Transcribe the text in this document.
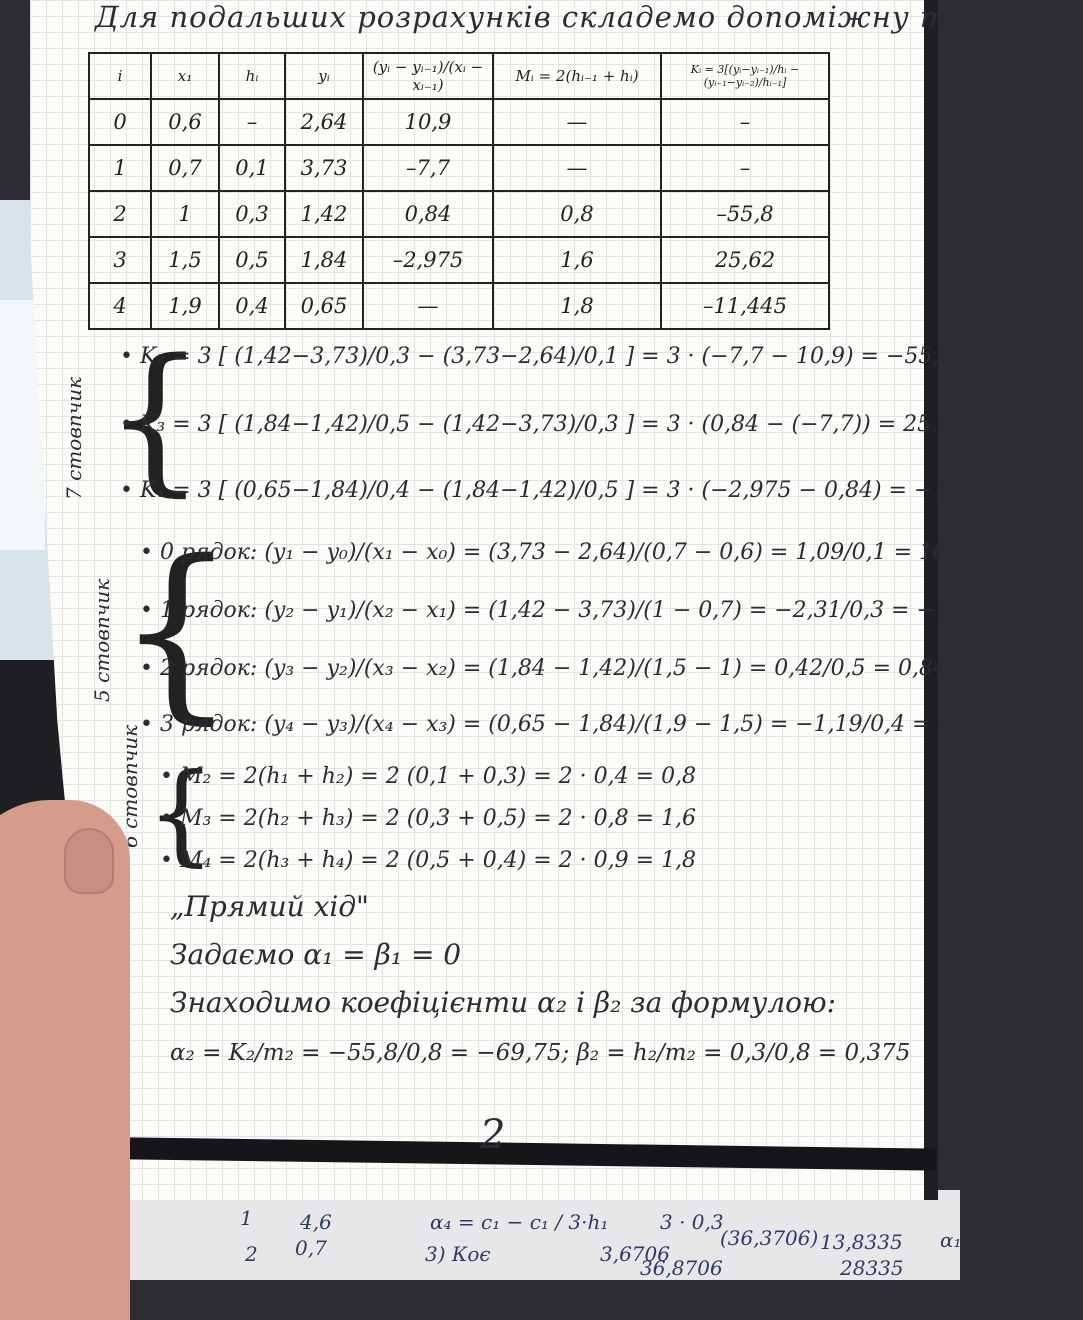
1 4,6
2 0,7
α₄ = c₁ − c₁ / 3·h₁	3 · 0,3
(36,3706) 13,8335 α₁
3) Коє	3,6706
36,8706	28335
Для подальших розрахунків складемо допоміжну таблицю:
i	x₁	hᵢ	yᵢ	(yᵢ − yᵢ₋₁)/(xᵢ − xᵢ₋₁)	Mᵢ = 2(hᵢ₋₁ + hᵢ)	Kᵢ = 3[(yᵢ−yᵢ₋₁)/hᵢ − (yᵢ₋₁−yᵢ₋₂)/hᵢ₋₁]
0	0,6	–	2,64	10,9	—	–
1	0,7	0,1	3,73	–7,7	—	–
2	1	0,3	1,42	0,84	0,8	–55,8
3	1,5	0,5	1,84	–2,975	1,6	25,62
4	1,9	0,4	0,65	—	1,8	–11,445
7 стовпчик {
• K₂ = 3 [ (1,42−3,73)/0,3 − (3,73−2,64)/0,1 ] = 3 · (−7,7 − 10,9) = −55,8
• K₃ = 3 [ (1,84−1,42)/0,5 − (1,42−3,73)/0,3 ] = 3 · (0,84 − (−7,7)) = 25,62
• K₄ = 3 [ (0,65−1,84)/0,4 − (1,84−1,42)/0,5 ] = 3 · (−2,975 − 0,84) = −11,445
5 стовпчик {
• 0 рядок: (y₁ − y₀)/(x₁ − x₀) = (3,73 − 2,64)/(0,7 − 0,6) = 1,09/0,1 = 10,9
• 1 рядок: (y₂ − y₁)/(x₂ − x₁) = (1,42 − 3,73)/(1 − 0,7) = −2,31/0,3 = −7,7
• 2 рядок: (y₃ − y₂)/(x₃ − x₂) = (1,84 − 1,42)/(1,5 − 1) = 0,42/0,5 = 0,84
• 3 рядок: (y₄ − y₃)/(x₄ − x₃) = (0,65 − 1,84)/(1,9 − 1,5) = −1,19/0,4 = −2,975
6 стовпчик {
• M₂ = 2(h₁ + h₂) = 2 (0,1 + 0,3) = 2 · 0,4 = 0,8
• M₃ = 2(h₂ + h₃) = 2 (0,3 + 0,5) = 2 · 0,8 = 1,6
• M₄ = 2(h₃ + h₄) = 2 (0,5 + 0,4) = 2 · 0,9 = 1,8
„Прямий хід"
Задаємо α₁ = β₁ = 0
Знаходимо коефіцієнти α₂ і β₂ за формулою:
α₂ = K₂/m₂ = −55,8/0,8 = −69,75; β₂ = h₂/m₂ = 0,3/0,8 = 0,375
2
